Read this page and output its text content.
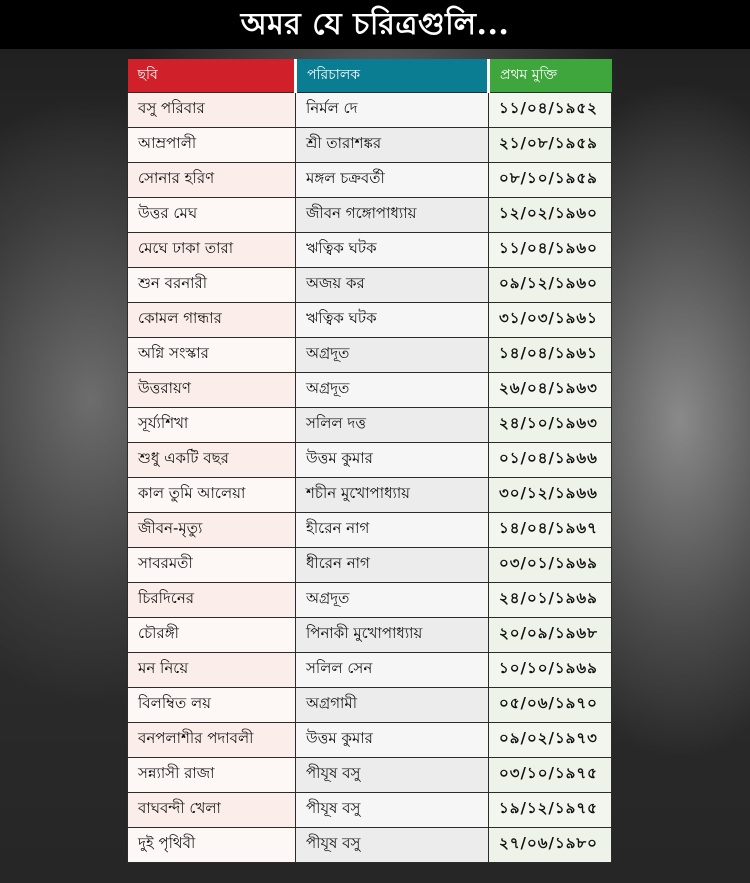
অমর যে চরিত্রগুলি...
ছবি	পরিচালক	প্রথম মুক্তি
বসু পরিবার	নির্মল দে	১১/০৪/১৯৫২
আম্রপালী	শ্রী তারাশঙ্কর	২১/০৮/১৯৫৯
সোনার হরিণ	মঙ্গল চক্রবর্তী	০৮/১০/১৯৫৯
উত্তর মেঘ	জীবন গঙ্গোপাধ্যায়	১২/০২/১৯৬০
মেঘে ঢাকা তারা	ঋত্বিক ঘটক	১১/০৪/১৯৬০
শুন বরনারী	অজয় কর	০৯/১২/১৯৬০
কোমল গান্ধার	ঋত্বিক ঘটক	৩১/০৩/১৯৬১
অগ্নি সংস্কার	অগ্রদূত	১৪/০৪/১৯৬১
উত্তরায়ণ	অগ্রদূত	২৬/০৪/১৯৬৩
সূর্য্যশিখা	সলিল দত্ত	২৪/১০/১৯৬৩
শুধু একটি বছর	উত্তম কুমার	০১/০৪/১৯৬৬
কাল তুমি আলেয়া	শচীন মুখোপাধ্যায়	৩০/১২/১৯৬৬
জীবন-মৃত্যু	হীরেন নাগ	১৪/০৪/১৯৬৭
সাবরমতী	ধীরেন নাগ	০৩/০১/১৯৬৯
চিরদিনের	অগ্রদূত	২৪/০১/১৯৬৯
চৌরঙ্গী	পিনাকী মুখোপাধ্যায়	২০/০৯/১৯৬৮
মন নিয়ে	সলিল সেন	১০/১০/১৯৬৯
বিলম্বিত লয়	অগ্রগামী	০৫/০৬/১৯৭০
বনপলাশীর পদাবলী	উত্তম কুমার	০৯/০২/১৯৭৩
সন্ন্যাসী রাজা	পীযূষ বসু	০৩/১০/১৯৭৫
বাঘবন্দী খেলা	পীযূষ বসু	১৯/১২/১৯৭৫
দুই পৃথিবী	পীযূষ বসু	২৭/০৬/১৯৮০
